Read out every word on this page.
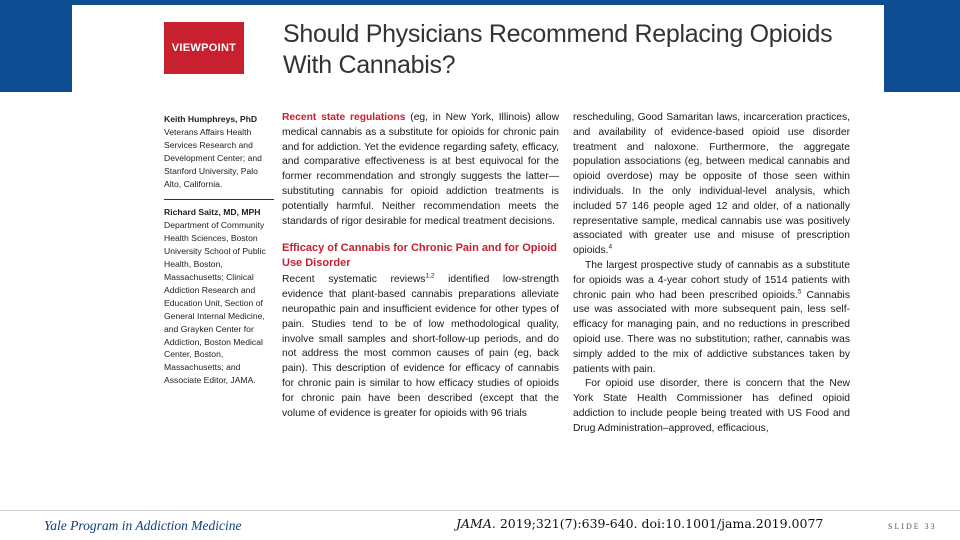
VIEWPOINT	Should Physicians Recommend Replacing Opioids
With Cannabis?
Keith Humphreys, PhD
Veterans Affairs Health Services Research and Development Center; and Stanford University, Palo Alto, California.
Richard Saitz, MD, MPH
Department of Community Health Sciences, Boston University School of Public Health, Boston, Massachusetts; Clinical Addiction Research and Education Unit, Section of General Internal Medicine, and Grayken Center for Addiction, Boston Medical Center, Boston, Massachusetts; and Associate Editor, JAMA.

Recent state regulations (eg, in New York, Illinois) allow medical cannabis as a substitute for opioids for chronic pain and for addiction. Yet the evidence regarding safety, efficacy, and comparative effectiveness is at best equivocal for the former recommendation and strongly suggests the latter—substituting cannabis for opioid addiction treatments is potentially harmful. Neither recommendation meets the standards of rigor desirable for medical treatment decisions.

Efficacy of Cannabis for Chronic Pain and for Opioid Use Disorder

Recent systematic reviews$^{1,2}$ identified low-strength evidence that plant-based cannabis preparations alleviate neuropathic pain and insufficient evidence for other types of pain. Studies tend to be of low methodological quality, involve small samples and short-follow-up periods, and do not address the most common causes of pain (eg, back pain). This description of evidence for efficacy of cannabis for chronic pain is similar to how efficacy studies of opioids for chronic pain have been described (except that the volume of evidence is greater for opioids with 96 trials

rescheduling, Good Samaritan laws, incarceration practices, and availability of evidence-based opioid use disorder treatment and naloxone. Furthermore, the aggregate population associations (eg, between medical cannabis and opioid overdose) may be opposite of those seen within individuals. In the only individual-level analysis, which included 57 146 people aged 12 and older, of a nationally representative sample, medical cannabis use was positively associated with greater use and misuse of prescription opioids.$^4$

The largest prospective study of cannabis as a substitute for opioids was a 4-year cohort study of 1514 patients with chronic pain who had been prescribed opioids.$^5$ Cannabis use was associated with more subsequent pain, less self-efficacy for managing pain, and no reductions in prescribed opioid use. There was no substitution; rather, cannabis was simply added to the mix of addictive substances taken by patients with pain.

For opioid use disorder, there is concern that the New York State Health Commissioner has defined opioid addiction to include people being treated with US Food and Drug Administration–approved, efficacious,

Yale Program in Addiction Medicine	JAMA. 2019;321(7):639-640. doi:10.1001/jama.2019.0077	SLIDE 33
